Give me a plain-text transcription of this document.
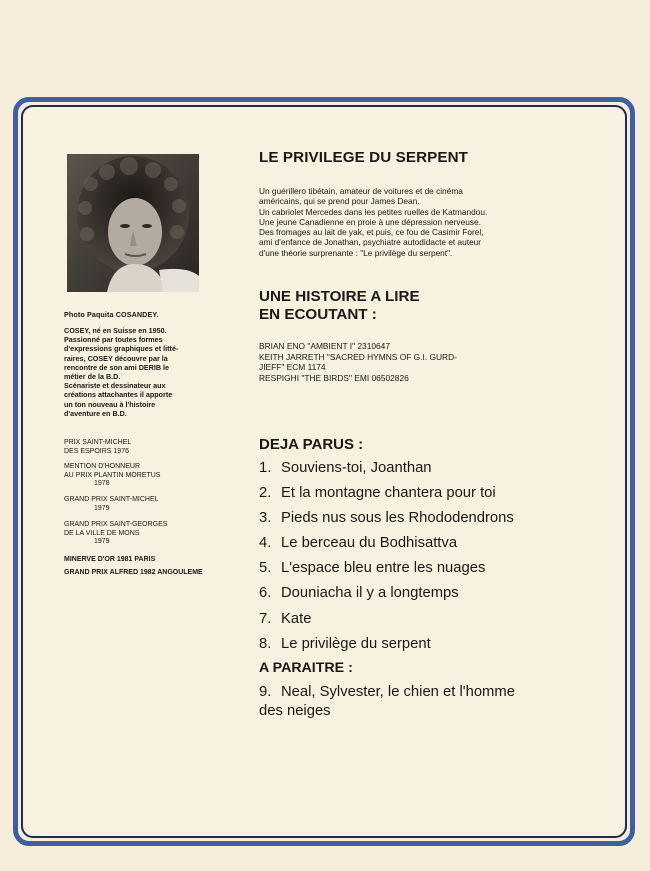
Photo Paquita COSANDEY.
COSEY, né en Suisse en 1950.
Passionné par toutes formes
d'expressions graphiques et litté-
raires, COSEY découvre par la
rencontre de son ami DERIB le
métier de la B.D.
Scénariste et dessinateur aux
créations attachantes il apporte
un ton nouveau à l'histoire
d'aventure en B.D.
PRIX SAINT-MICHEL
DES ESPOIRS 1976
MENTION D'HONNEUR
AU PRIX PLANTIN MORETUS
1978
GRAND PRIX SAINT-MICHEL
1979
GRAND PRIX SAINT-GEORGES
DE LA VILLE DE MONS
1979
MINERVE D'OR 1981 PARIS
GRAND PRIX ALFRED 1982 ANGOULEME
LE PRIVILEGE DU SERPENT
Un guérillero tibétain, amateur de voitures et de cinéma
américains, qui se prend pour James Dean.
Un cabriolet Mercedes dans les petites ruelles de Katmandou.
Une jeune Canadienne en proie à une dépression nerveuse.
Des fromages au lait de yak, et puis, ce fou de Casimir Forel,
ami d'enfance de Jonathan, psychiatre autodidacte et auteur
d'une théorie surprenante : "Le privilège du serpent".
UNE HISTOIRE A LIRE
EN ECOUTANT :
BRIAN ENO "AMBIENT I" 2310647
KEITH JARRETH "SACRED HYMNS OF G.I. GURD-
JIEFF" ECM 1174
RESPIGHI "THE BIRDS" EMI 06502826
DEJA PARUS :
1. Souviens-toi, Joanthan
2. Et la montagne chantera pour toi
3. Pieds nus sous les Rhododendrons
4. Le berceau du Bodhisattva
5. L'espace bleu entre les nuages
6. Douniacha il y a longtemps
7. Kate
8. Le privilège du serpent
A PARAITRE :
9. Neal, Sylvester, le chien et l'homme
des neiges
